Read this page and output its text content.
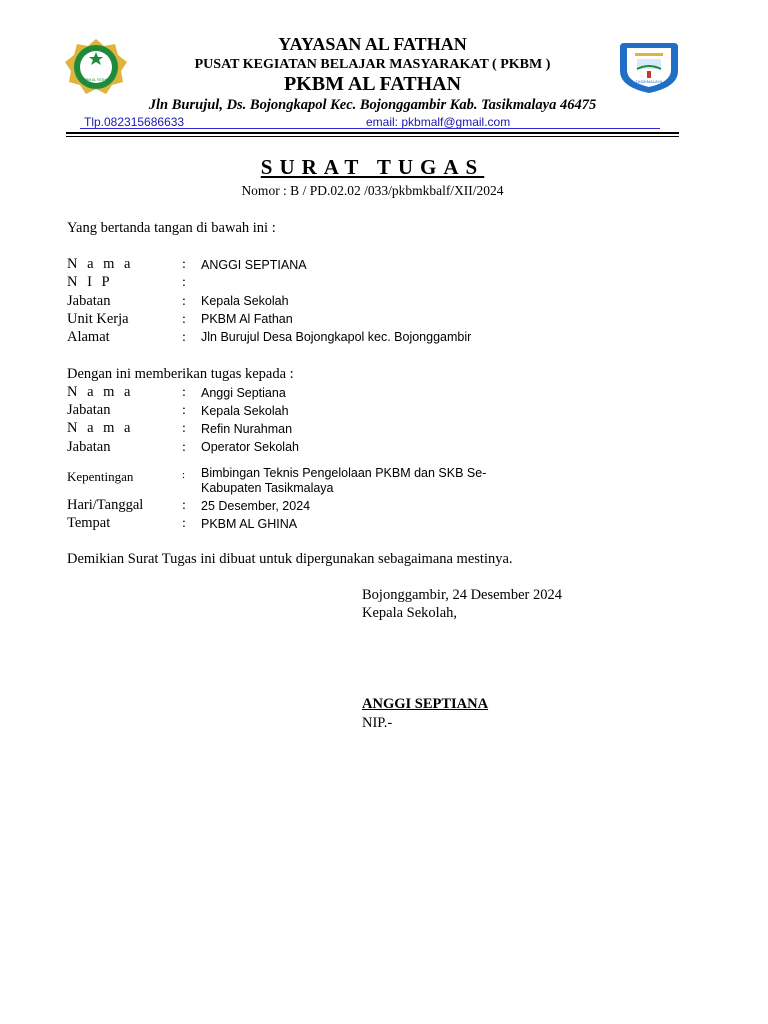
PKBM AL FATHAN	TASIKMALAYA
YAYASAN AL FATHAN
PUSAT KEGIATAN BELAJAR MASYARAKAT ( PKBM )
PKBM AL FATHAN
Jln Burujul, Ds. Bojongkapol Kec. Bojonggambir Kab. Tasikmalaya 46475
Tlp.082315686633	email: pkbmalf@gmail.com
SURAT TUGAS
Nomor : B / PD.02.02 /033/pkbmkbalf/XII/2024
Yang bertanda tangan di bawah ini :
N a m a	: ANGGI SEPTIANA
N I P	:
Jabatan	: Kepala Sekolah
Unit Kerja	: PKBM Al Fathan
Alamat	: Jln Burujul Desa Bojongkapol kec. Bojonggambir
Dengan ini memberikan tugas kepada :
N a m a	: Anggi Septiana
Jabatan	: Kepala Sekolah
N a m a	: Refin Nurahman
Jabatan	: Operator Sekolah
Kepentingan	: Bimbingan Teknis Pengelolaan PKBM dan SKB Se-
Kabupaten Tasikmalaya
Hari/Tanggal	: 25 Desember, 2024
Tempat	: PKBM AL GHINA
Demikian Surat Tugas ini dibuat untuk dipergunakan sebagaimana mestinya.
Bojonggambir, 24 Desember 2024
Kepala Sekolah,
ANGGI SEPTIANA
NIP.-
